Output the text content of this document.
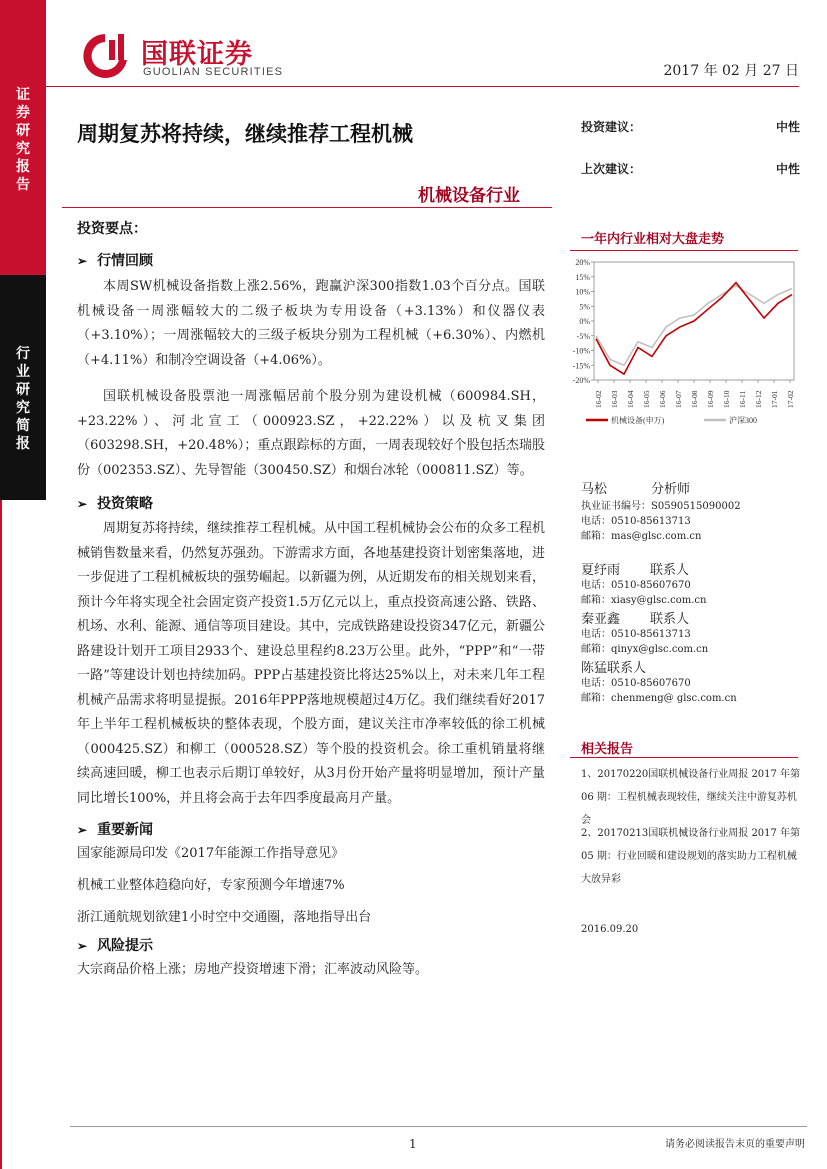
证券研究报告
行业研究简报
国联证券
GUOLIAN SECURITIES	2017 年 02 月 27 日
周期复苏将持续，继续推荐工程机械
机械设备行业
投资建议：	中性
上次建议：	中性
投资要点：
➢ 行情回顾

本周SW机械设备指数上涨2.56%，跑赢沪深300指数1.03个百分点。国联机械设备一周涨幅较大的二级子板块为专用设备（+3.13%）和仪器仪表（+3.10%）；一周涨幅较大的三级子板块分别为工程机械（+6.30%）、内燃机（+4.11%）和制冷空调设备（+4.06%）。

国联机械设备股票池一周涨幅居前个股分别为建设机械（600984.SH，+23.22%）、河北宣工（000923.SZ，+22.22%）以及杭叉集团（603298.SH，+20.48%）；重点跟踪标的方面，一周表现较好个股包括杰瑞股份（002353.SZ）、先导智能（300450.SZ）和烟台冰轮（000811.SZ）等。

➢ 投资策略

周期复苏将持续，继续推荐工程机械。从中国工程机械协会公布的众多工程机械销售数量来看，仍然复苏强劲。下游需求方面，各地基建投资计划密集落地，进一步促进了工程机械板块的强势崛起。以新疆为例，从近期发布的相关规划来看，预计今年将实现全社会固定资产投资1.5万亿元以上，重点投资高速公路、铁路、机场、水利、能源、通信等项目建设。其中，完成铁路建设投资347亿元，新疆公路建设计划开工项目2933个、建设总里程约8.23万公里。此外，“PPP”和“一带一路”等建设计划也持续加码。PPP占基建投资比将达25%以上，对未来几年工程机械产品需求将明显提振。2016年PPP落地规模超过4万亿。我们继续看好2017年上半年工程机械板块的整体表现，个股方面，建议关注市净率较低的徐工机械（000425.SZ）和柳工（000528.SZ）等个股的投资机会。徐工重机销量将继续高速回暖，柳工也表示后期订单较好，从3月份开始产量将明显增加，预计产量同比增长100%，并且将会高于去年四季度最高月产量。

➢ 重要新闻
国家能源局印发《2017年能源工作指导意见》
机械工业整体趋稳向好，专家预测今年增速7%
浙江通航规划欲建1小时空中交通圈，落地指导出台
➢ 风险提示
大宗商品价格上涨；房地产投资增速下滑；汇率波动风险等。
一年内行业相对大盘走势
20%
15%
10%
5%
0%
-5%
-10%
-15%
-20%
16-02 16-03 16-04 16-05 16-06 16-07 16-08 16-09 16-10 16-11 16-12 17-01 17-02
机械设备(申万)	沪深300
马松	分析师
执业证书编号：S0590515090002
电话：0510-85613713
邮箱：mas@glsc.com.cn
夏纾雨 联系人
电话：0510-85607670
邮箱：xiasy@glsc.com.cn
秦亚鑫 联系人
电话：0510-85613713
邮箱：qinyx@glsc.com.cn
陈猛联系人
电话：0510-85607670
邮箱：chenmeng@ glsc.com.cn
相关报告
1、20170220国联机械设备行业周报 2017 年第 06 期：工程机械表现较佳，继续关注中游复苏机会
2、20170213国联机械设备行业周报 2017 年第 05 期：行业回暖和建设规划的落实助力工程机械大放异彩
2016.09.20
1	请务必阅读报告末页的重要声明
